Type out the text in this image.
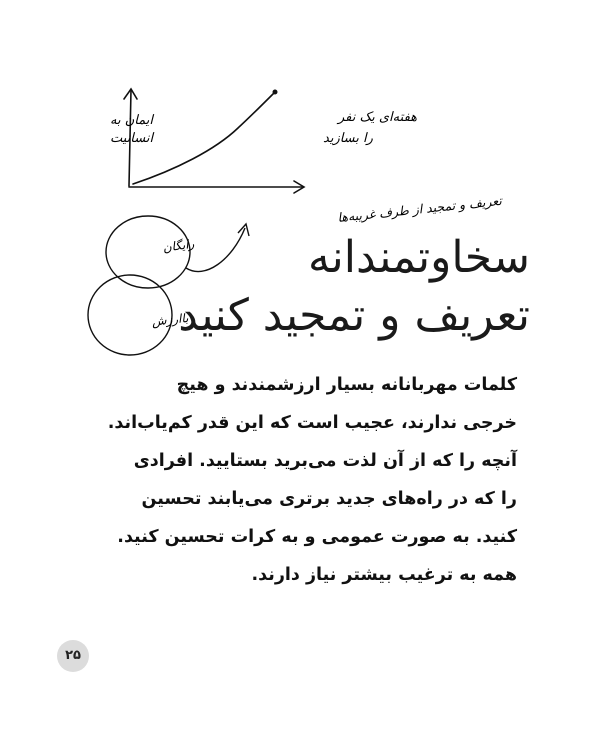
ایمان به
انسانیت
هفته‌ای یک نفر
را بسازید
تعریف و تمجید از طرف غریبه‌ها
رایگان
باارزش
سخاوتمندانه
تعریف و تمجید کنید
کلمات مهربانانه بسیار ارزشمندند و هیچ
خرجی ندارند، عجیب است که این قدر کم‌یاب‌اند.
آنچه را که از آن لذت می‌برید بستایید. افرادی
را که در راه‌های جدید برتری می‌یابند تحسین
کنید. به صورت عمومی و به کرات تحسین کنید.
همه به ترغیب بیشتر نیاز دارند.
۲۵
